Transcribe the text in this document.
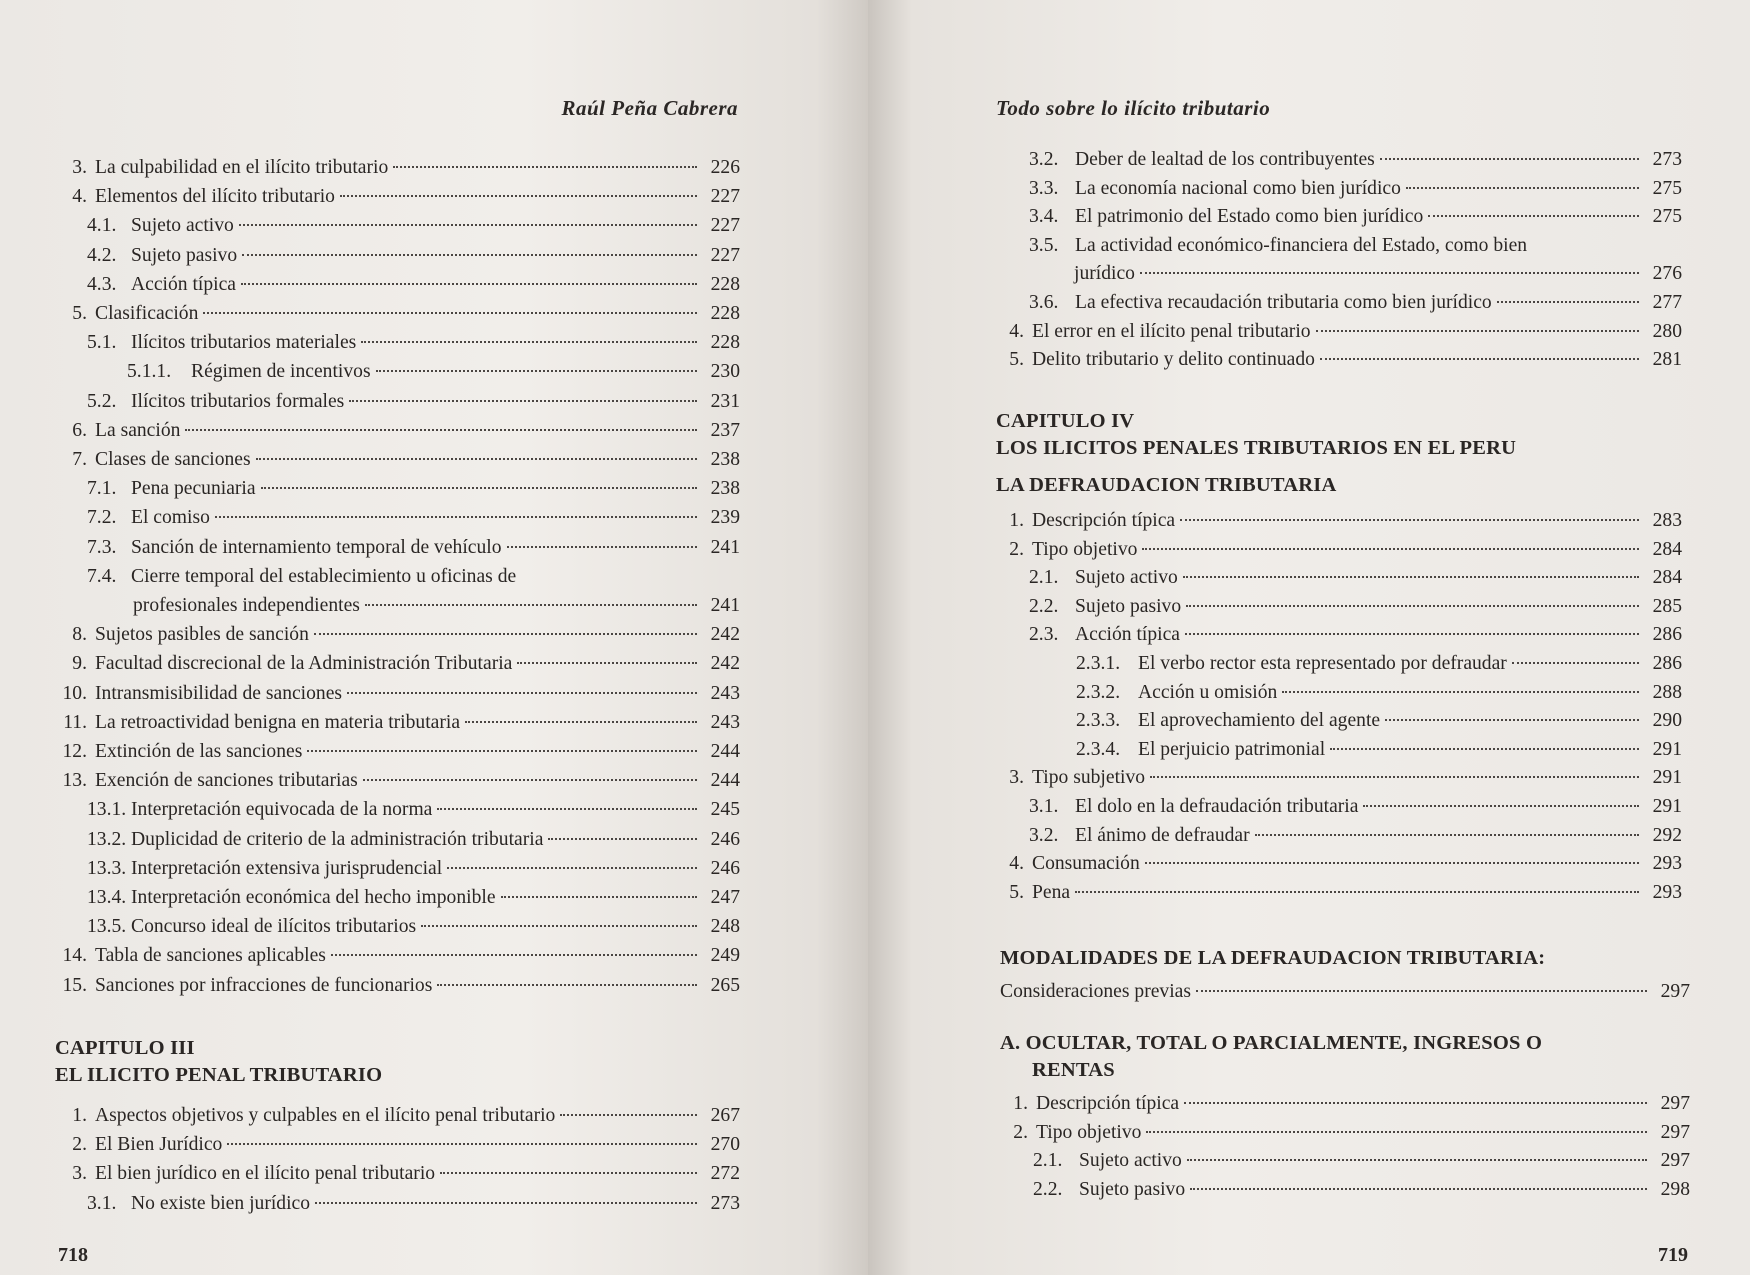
Raúl Peña Cabrera
3. La culpabilidad en el ilícito tributario	226
4. Elementos del ilícito tributario	227
4.1. Sujeto activo	227
4.2. Sujeto pasivo	227
4.3. Acción típica	228
5. Clasificación	228
5.1. Ilícitos tributarios materiales	228
5.1.1.	Régimen de incentivos	230
5.2. Ilícitos tributarios formales	231
6. La sanción	237
7. Clases de sanciones	238
7.1. Pena pecuniaria	238
7.2. El comiso	239
7.3. Sanción de internamiento temporal de vehículo	241
7.4. Cierre temporal del establecimiento u oficinas de
profesionales independientes	241
8. Sujetos pasibles de sanción	242
9. Facultad discrecional de la Administración Tributaria	242
10. Intransmisibilidad de sanciones	243
11. La retroactividad benigna en materia tributaria	243
12. Extinción de las sanciones	244
13. Exención de sanciones tributarias	244
13.1. Interpretación equivocada de la norma	245
13.2. Duplicidad de criterio de la administración tributaria	246
13.3. Interpretación extensiva jurisprudencial	246
13.4. Interpretación económica del hecho imponible	247
13.5. Concurso ideal de ilícitos tributarios	248
14. Tabla de sanciones aplicables	249
15. Sanciones por infracciones de funcionarios	265
CAPITULO III
EL ILICITO PENAL TRIBUTARIO
1. Aspectos objetivos y culpables en el ilícito penal tributario	267
2. El Bien Jurídico	270
3. El bien jurídico en el ilícito penal tributario	272
3.1. No existe bien jurídico	273
718
Todo sobre lo ilícito tributario
3.2. Deber de lealtad de los contribuyentes	273
3.3. La economía nacional como bien jurídico	275
3.4. El patrimonio del Estado como bien jurídico	275
3.5. La actividad económico-financiera del Estado, como bien
jurídico	276
3.6. La efectiva recaudación tributaria como bien jurídico	277
4. El error en el ilícito penal tributario	280
5. Delito tributario y delito continuado	281
CAPITULO IV
LOS ILICITOS PENALES TRIBUTARIOS EN EL PERU
LA DEFRAUDACION TRIBUTARIA
1. Descripción típica	283
2. Tipo objetivo	284
2.1. Sujeto activo	284
2.2. Sujeto pasivo	285
2.3. Acción típica	286
2.3.1. El verbo rector esta representado por defraudar	286
2.3.2. Acción u omisión	288
2.3.3. El aprovechamiento del agente	290
2.3.4. El perjuicio patrimonial	291
3. Tipo subjetivo	291
3.1. El dolo en la defraudación tributaria	291
3.2. El ánimo de defraudar	292
4. Consumación	293
5. Pena	293
MODALIDADES DE LA DEFRAUDACION TRIBUTARIA:
Consideraciones previas	297
A. OCULTAR, TOTAL O PARCIALMENTE, INGRESOS O
RENTAS
1. Descripción típica	297
2. Tipo objetivo	297
2.1. Sujeto activo	297
2.2. Sujeto pasivo	298
719
